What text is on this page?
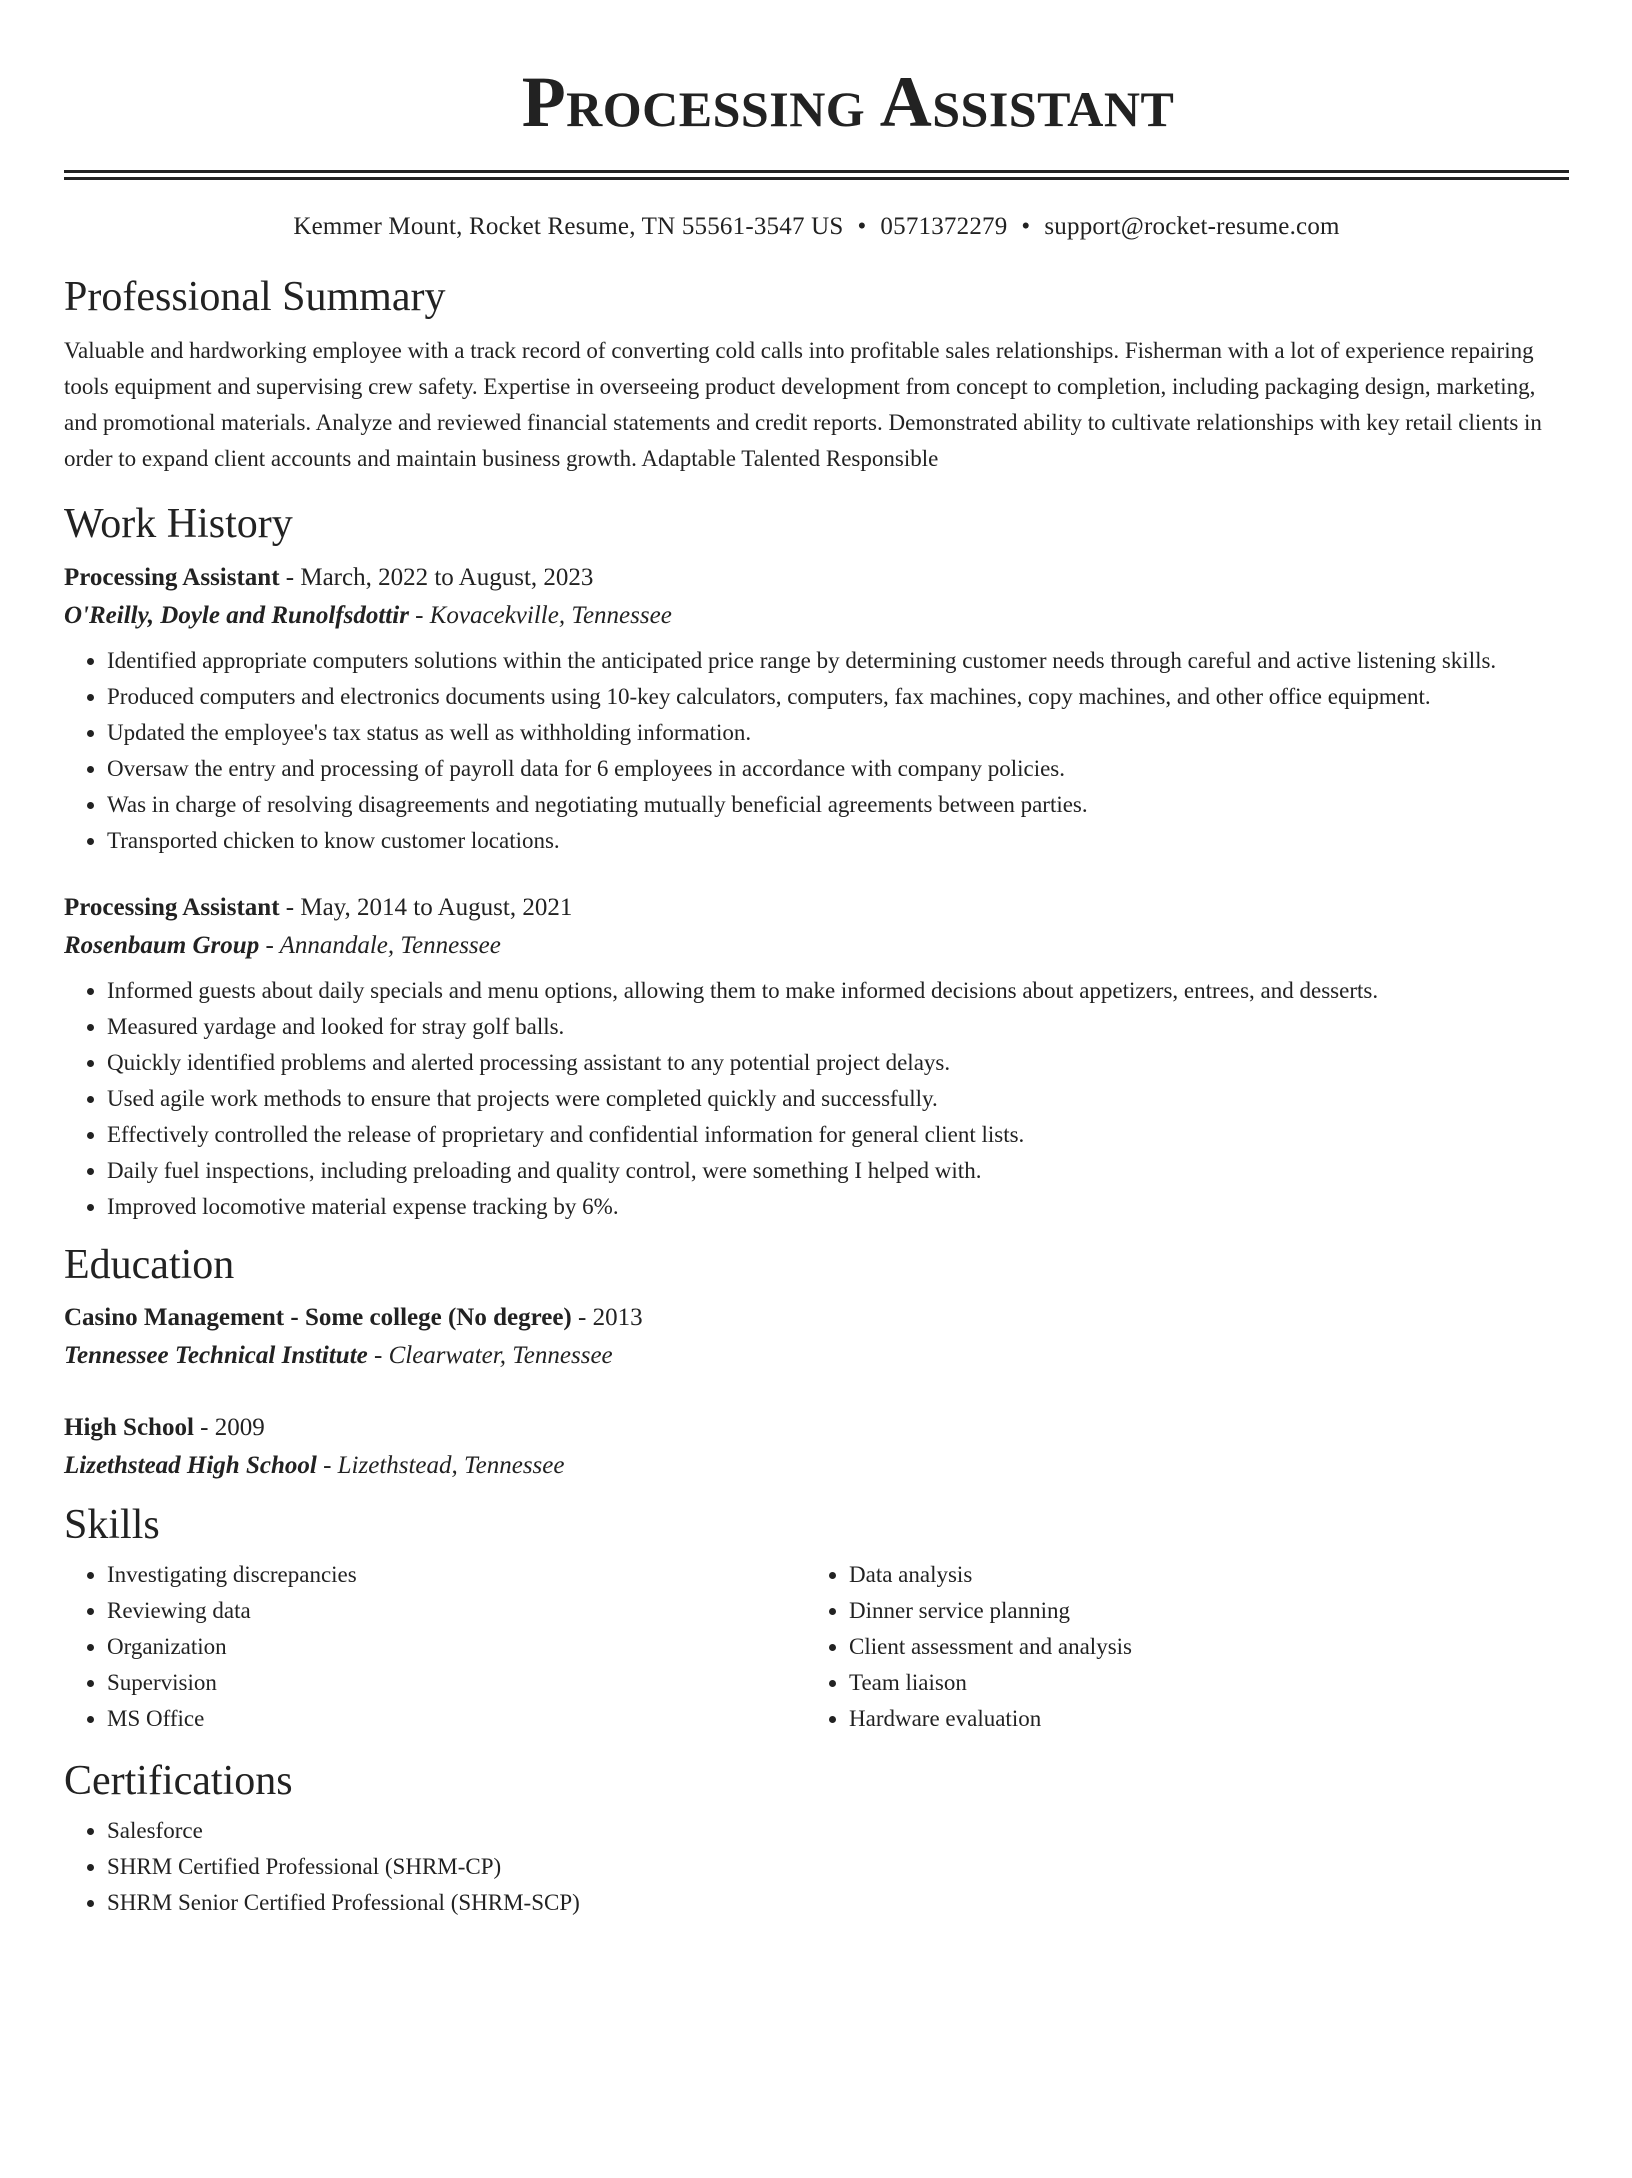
Processing Assistant
Kemmer Mount, Rocket Resume, TN 55561-3547 US • 0571372279 • support@rocket-resume.com
Professional Summary
Valuable and hardworking employee with a track record of converting cold calls into profitable sales relationships. Fisherman with a lot of experience repairing tools equipment and supervising crew safety. Expertise in overseeing product development from concept to completion, including packaging design, marketing, and promotional materials. Analyze and reviewed financial statements and credit reports. Demonstrated ability to cultivate relationships with key retail clients in order to expand client accounts and maintain business growth. Adaptable Talented Responsible
Work History
Processing Assistant - March, 2022 to August, 2023
O'Reilly, Doyle and Runolfsdottir - Kovacekville, Tennessee
• Identified appropriate computers solutions within the anticipated price range by determining customer needs through careful and active listening skills.
• Produced computers and electronics documents using 10-key calculators, computers, fax machines, copy machines, and other office equipment.
• Updated the employee's tax status as well as withholding information.
• Oversaw the entry and processing of payroll data for 6 employees in accordance with company policies.
• Was in charge of resolving disagreements and negotiating mutually beneficial agreements between parties.
• Transported chicken to know customer locations.
Processing Assistant - May, 2014 to August, 2021
Rosenbaum Group - Annandale, Tennessee
• Informed guests about daily specials and menu options, allowing them to make informed decisions about appetizers, entrees, and desserts.
• Measured yardage and looked for stray golf balls.
• Quickly identified problems and alerted processing assistant to any potential project delays.
• Used agile work methods to ensure that projects were completed quickly and successfully.
• Effectively controlled the release of proprietary and confidential information for general client lists.
• Daily fuel inspections, including preloading and quality control, were something I helped with.
• Improved locomotive material expense tracking by 6%.
Education
Casino Management - Some college (No degree) - 2013
Tennessee Technical Institute - Clearwater, Tennessee
High School - 2009
Lizethstead High School - Lizethstead, Tennessee
Skills
• Investigating discrepancies
• Reviewing data
• Organization
• Supervision
• MS Office
• Data analysis
• Dinner service planning
• Client assessment and analysis
• Team liaison
• Hardware evaluation
Certifications
• Salesforce
• SHRM Certified Professional (SHRM-CP)
• SHRM Senior Certified Professional (SHRM-SCP)
